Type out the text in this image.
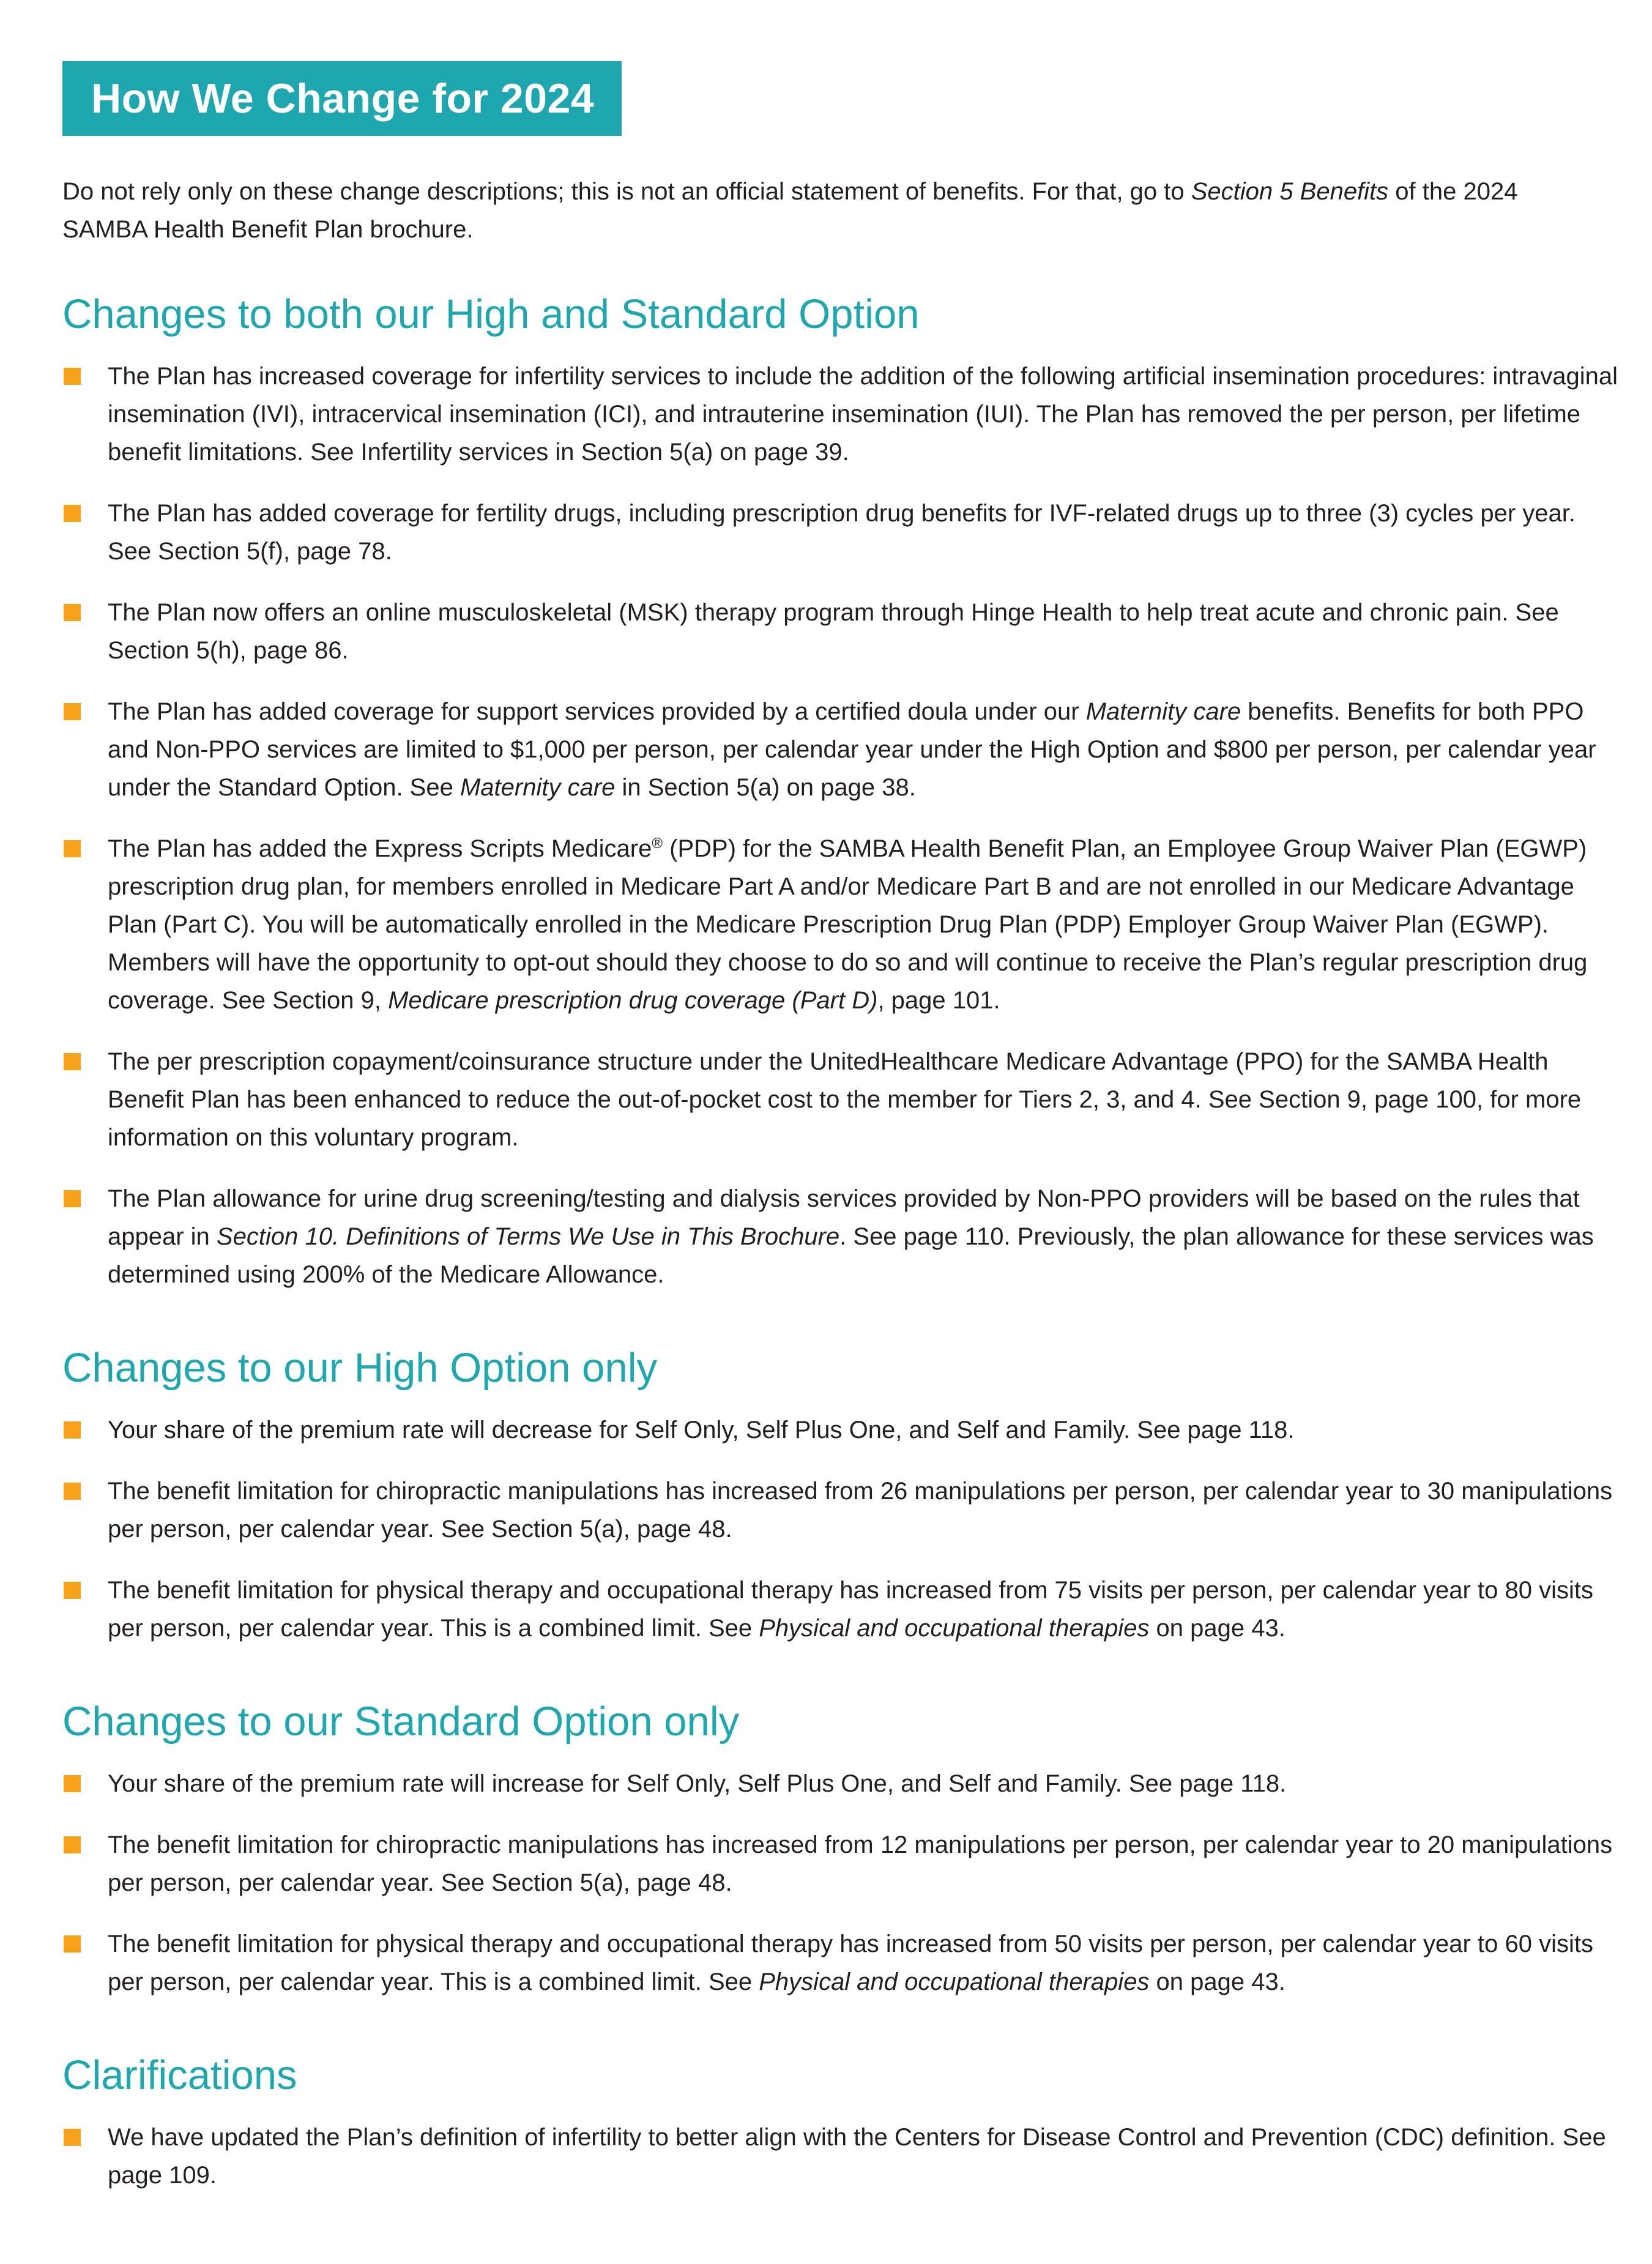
How We Change for 2024

Do not rely only on these change descriptions; this is not an official statement of benefits. For that, go to Section 5 Benefits of the 2024 SAMBA Health Benefit Plan brochure.

Changes to both our High and Standard Option
The Plan has increased coverage for infertility services to include the addition of the following artificial insemination procedures: intravaginal insemination (IVI), intracervical insemination (ICI), and intrauterine insemination (IUI). The Plan has removed the per person, per lifetime benefit limitations. See Infertility services in Section 5(a) on page 39.
The Plan has added coverage for fertility drugs, including prescription drug benefits for IVF-related drugs up to three (3) cycles per year. See Section 5(f), page 78.
The Plan now offers an online musculoskeletal (MSK) therapy program through Hinge Health to help treat acute and chronic pain. See Section 5(h), page 86.
The Plan has added coverage for support services provided by a certified doula under our Maternity care benefits. Benefits for both PPO and Non-PPO services are limited to $1,000 per person, per calendar year under the High Option and $800 per person, per calendar year under the Standard Option. See Maternity care in Section 5(a) on page 38.
The Plan has added the Express Scripts Medicare® (PDP) for the SAMBA Health Benefit Plan, an Employee Group Waiver Plan (EGWP) prescription drug plan, for members enrolled in Medicare Part A and/or Medicare Part B and are not enrolled in our Medicare Advantage Plan (Part C). You will be automatically enrolled in the Medicare Prescription Drug Plan (PDP) Employer Group Waiver Plan (EGWP). Members will have the opportunity to opt-out should they choose to do so and will continue to receive the Plan’s regular prescription drug coverage. See Section 9, Medicare prescription drug coverage (Part D), page 101.
The per prescription copayment/coinsurance structure under the UnitedHealthcare Medicare Advantage (PPO) for the SAMBA Health Benefit Plan has been enhanced to reduce the out-of-pocket cost to the member for Tiers 2, 3, and 4. See Section 9, page 100, for more information on this voluntary program.
The Plan allowance for urine drug screening/testing and dialysis services provided by Non-PPO providers will be based on the rules that appear in Section 10. Definitions of Terms We Use in This Brochure. See page 110. Previously, the plan allowance for these services was determined using 200% of the Medicare Allowance.
Changes to our High Option only
Your share of the premium rate will decrease for Self Only, Self Plus One, and Self and Family. See page 118.
The benefit limitation for chiropractic manipulations has increased from 26 manipulations per person, per calendar year to 30 manipulations per person, per calendar year. See Section 5(a), page 48.
The benefit limitation for physical therapy and occupational therapy has increased from 75 visits per person, per calendar year to 80 visits per person, per calendar year. This is a combined limit. See Physical and occupational therapies on page 43.
Changes to our Standard Option only
Your share of the premium rate will increase for Self Only, Self Plus One, and Self and Family. See page 118.
The benefit limitation for chiropractic manipulations has increased from 12 manipulations per person, per calendar year to 20 manipulations per person, per calendar year. See Section 5(a), page 48.
The benefit limitation for physical therapy and occupational therapy has increased from 50 visits per person, per calendar year to 60 visits per person, per calendar year. This is a combined limit. See Physical and occupational therapies on page 43.
Clarifications
We have updated the Plan’s definition of infertility to better align with the Centers for Disease Control and Prevention (CDC) definition. See page 109.
